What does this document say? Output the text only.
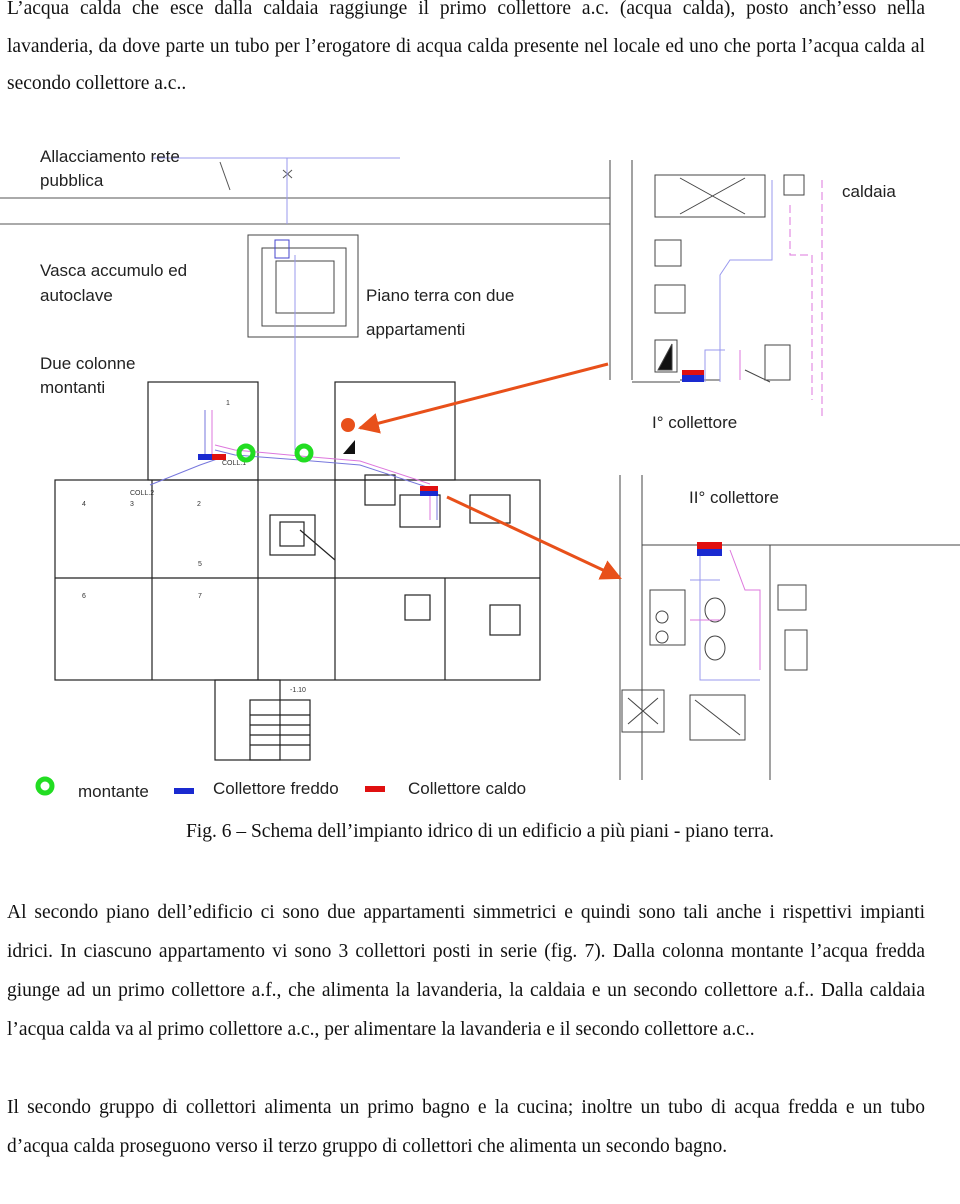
L’acqua calda che esce dalla caldaia raggiunge il primo collettore a.c. (acqua calda), posto anch’esso nella lavanderia, da dove parte un tubo per l’erogatore di acqua calda presente nel locale ed uno che porta l’acqua calda al secondo collettore a.c..

COLL.1
COLL.2
-1.10
1
2
3
4
5
6	7
Allacciamento rete
pubblica
caldaia
Vasca accumulo ed
autoclave
Due colonne
montanti
Piano terra con due
appartamenti
I° collettore
II° collettore
montante	Collettore freddo	Collettore caldo

Fig. 6 – Schema dell’impianto idrico di un edificio a più piani - piano terra.

Al secondo piano dell’edificio ci sono due appartamenti simmetrici e quindi sono tali anche i rispettivi impianti idrici. In ciascuno appartamento vi sono 3 collettori posti in serie (fig. 7). Dalla colonna montante l’acqua fredda giunge ad un primo collettore a.f., che alimenta la lavanderia, la caldaia e un secondo collettore a.f.. Dalla caldaia l’acqua calda va al primo collettore a.c., per alimentare la lavanderia e il secondo collettore a.c..

Il secondo gruppo di collettori alimenta un primo bagno e la cucina; inoltre un tubo di acqua fredda e un tubo d’acqua calda proseguono verso il terzo gruppo di collettori che alimenta un secondo bagno.
